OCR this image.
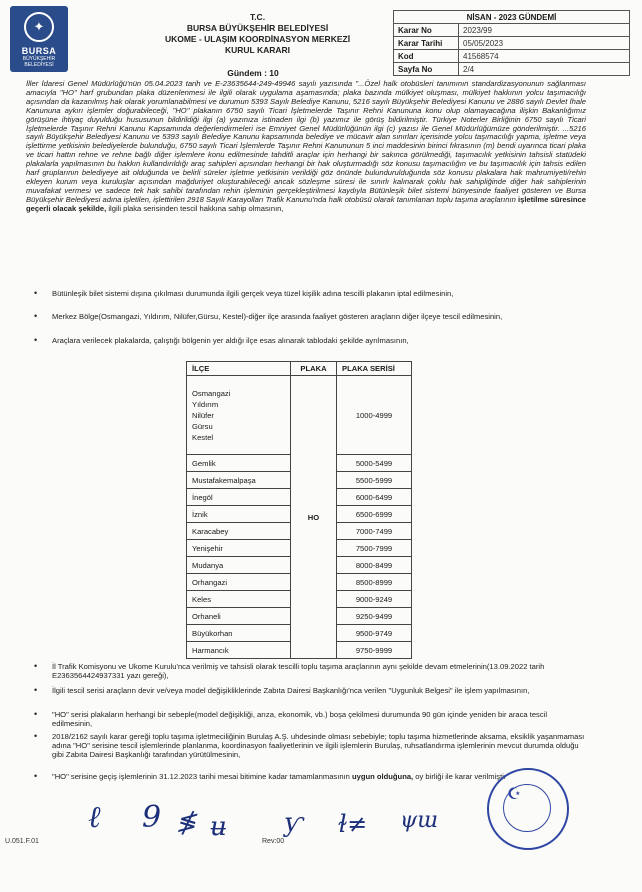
✦
BURSA
BÜYÜKŞEHİR BELEDİYESİ
T.C.
BURSA BÜYÜKŞEHİR BELEDİYESİ
UKOME - ULAŞIM KOORDİNASYON MERKEZİ
KURUL KARARI
Gündem : 10
NİSAN - 2023 GÜNDEMİ	
Karar No	2023/99
Karar Tarihi	05/05/2023
Kod	41568574
Sayfa No	2/4
İller İdaresi Genel Müdürlüğü'nün 05.04.2023 tarih ve E-23635644-249-49946 sayılı yazısında "...Özel halk otobüsleri tanımının standardizasyonunun sağlanması amacıyla "HO" harf grubundan plaka düzenlenmesi ile ilgili olarak uygulama aşamasında; plaka bazında mülkiyet oluşması, mülkiyet hakkının yolcu taşımacılığı açısından da kazanılmış hak olarak yorumlanabilmesi ve durumun 5393 Sayılı Belediye Kanunu, 5216 sayılı Büyükşehir Belediyesi Kanunu ve 2886 sayılı Devlet İhale Kanununa aykırı işlemler doğurabileceği, "HO" plakanın 6750 sayılı Ticari İşletmelerde Taşınır Rehni Kanununa konu olup olamayacağına ilişkin Bakanlığımız görüşüne ihtiyaç duyulduğu hususunun bildirildiği ilgi (a) yazınıza istinaden ilgi (b) yazımız ile görüş bildirilmiştir. Türkiye Noterler Birliğinin 6750 sayılı Ticari İşletmelerde Taşınır Rehni Kanunu Kapsamında değerlendirmeleri ise Emniyet Genel Müdürlüğünün ilgi (c) yazısı ile Genel Müdürlüğümüze gönderilmiştir. ...5216 sayılı Büyükşehir Belediyesi Kanunu ve 5393 sayılı Belediye Kanunu kapsamında belediye ve mücavir alan sınırları içerisinde yolcu taşımacılığı yapma, işletme veya işlettirme yetkisinin belediyelerde bulunduğu, 6750 sayılı Ticari İşlemlerde Taşınır Rehni Kanununun 5 inci maddesinin birinci fıkrasının (m) bendi uyarınca ticari plaka ve ticari hattın rehne ve rehne bağlı diğer işlemlere konu edilmesinde tahditli araçlar için herhangi bir sakınca görülmediği, taşımacılık yetkisinin tahsisli statüdeki plakalarla yapılmasının bu hakkın kullandırıldığı araç sahipleri açısından herhangi bir hak oluşturmadığı söz konusu taşımacılığın ve bu taşımacılık için tahsis edilen harf gruplarının belediyeye ait olduğunda ve belirli süreler işletme yetkisinin verildiği göz önünde bulundurulduğunda söz konusu plakalara hak mahrumiyeti/rehin ekleyen kurum veya kuruluşlar açısından mağduriyet oluşturabileceği ancak sözleşme süresi ile sınırlı kalınarak çoklu hak sahipliğinde diğer hak sahiplerinin muvafakat vermesi ve sadece tek hak sahibi tarafından rehin işleminin gerçekleştirilmesi kaydıyla Bütünleşik bilet sistemi bünyesinde faaliyet gösteren ve Bursa Büyükşehir Belediyesi adına işletilen, işlettirilen 2918 Sayılı Karayolları Trafik Kanunu'nda halk otobüsü olarak tanımlanan toplu taşıma araçlarının işletilme süresince geçerli olacak şekilde, ilgili plaka serisinden tescil hakkına sahip olmasının,
• Bütünleşik bilet sistemi dışına çıkılması durumunda ilgili gerçek veya tüzel kişilik adına tescilli plakanın iptal edilmesinin,
• Merkez Bölge(Osmangazi, Yıldırım, Nilüfer,Gürsu, Kestel)-diğer ilçe arasında faaliyet gösteren araçların diğer ilçeye tescil edilmesinin,
• Araçlara verilecek plakalarda, çalıştığı bölgenin yer aldığı ilçe esas alınarak tablodaki şekilde ayrılmasının,
İLÇE	PLAKA	PLAKA SERİSİ

Osmangazi
Yıldırım
Nilüfer
Gürsu
Kestel	HO	1000-4999
Gemlik		5000-5499
Mustafakemalpaşa		5500-5999
İnegöl		6000-6499
İznik		6500-6999
Karacabey		7000-7499
Yenişehir		7500-7999
Mudanya		8000-8499
Orhangazi		8500-8999
Keles		9000-9249
Orhaneli		9250-9499
Büyükorhan		9500-9749
Harmancık		9750-9999
• İl Trafik Komisyonu ve Ukome Kurulu'nca verilmiş ve tahsisli olarak tescilli toplu taşıma araçlarının aynı şekilde devam etmelerinin(13.09.2022 tarih E2363564424937331 yazı gereği),
• İlgili tescil serisi araçların devir ve/veya model değişikliklerinde Zabıta Dairesi Başkanlığı'nca verilen "Uygunluk Belgesi" ile işlem yapılmasının,
• "HO" serisi plakaların herhangi bir sebeple(model değişikliği, arıza, ekonomik, vb.) boşa çekilmesi durumunda 90 gün içinde yeniden bir araca tescil edilmesinin,
• 2018/2162 sayılı karar gereği toplu taşıma işletmeciliğinin Burulaş A.Ş. uhdesinde olması sebebiyle; toplu taşıma hizmetlerinde aksama, eksiklik yaşanmaması adına "HO" serisine tescil işlemlerinde planlanma, koordinasyon faaliyetlerinin ve ilgili işlemlerin Burulaş, ruhsatlandırma işlemlerinin mevcut durumda olduğu gibi Zabıta Dairesi Başkanlığı tarafından yürütülmesinin,
• "HO" serisine geçiş işlemlerinin 31.12.2023 tarihi mesai bitimine kadar tamamlanmasının uygun olduğuna, oy birliği ile karar verilmiştir
ℓ 9 ≸ ʉ ƴ ɫ≠ ψɯ
☪
U.051.F.01	Rev:00
